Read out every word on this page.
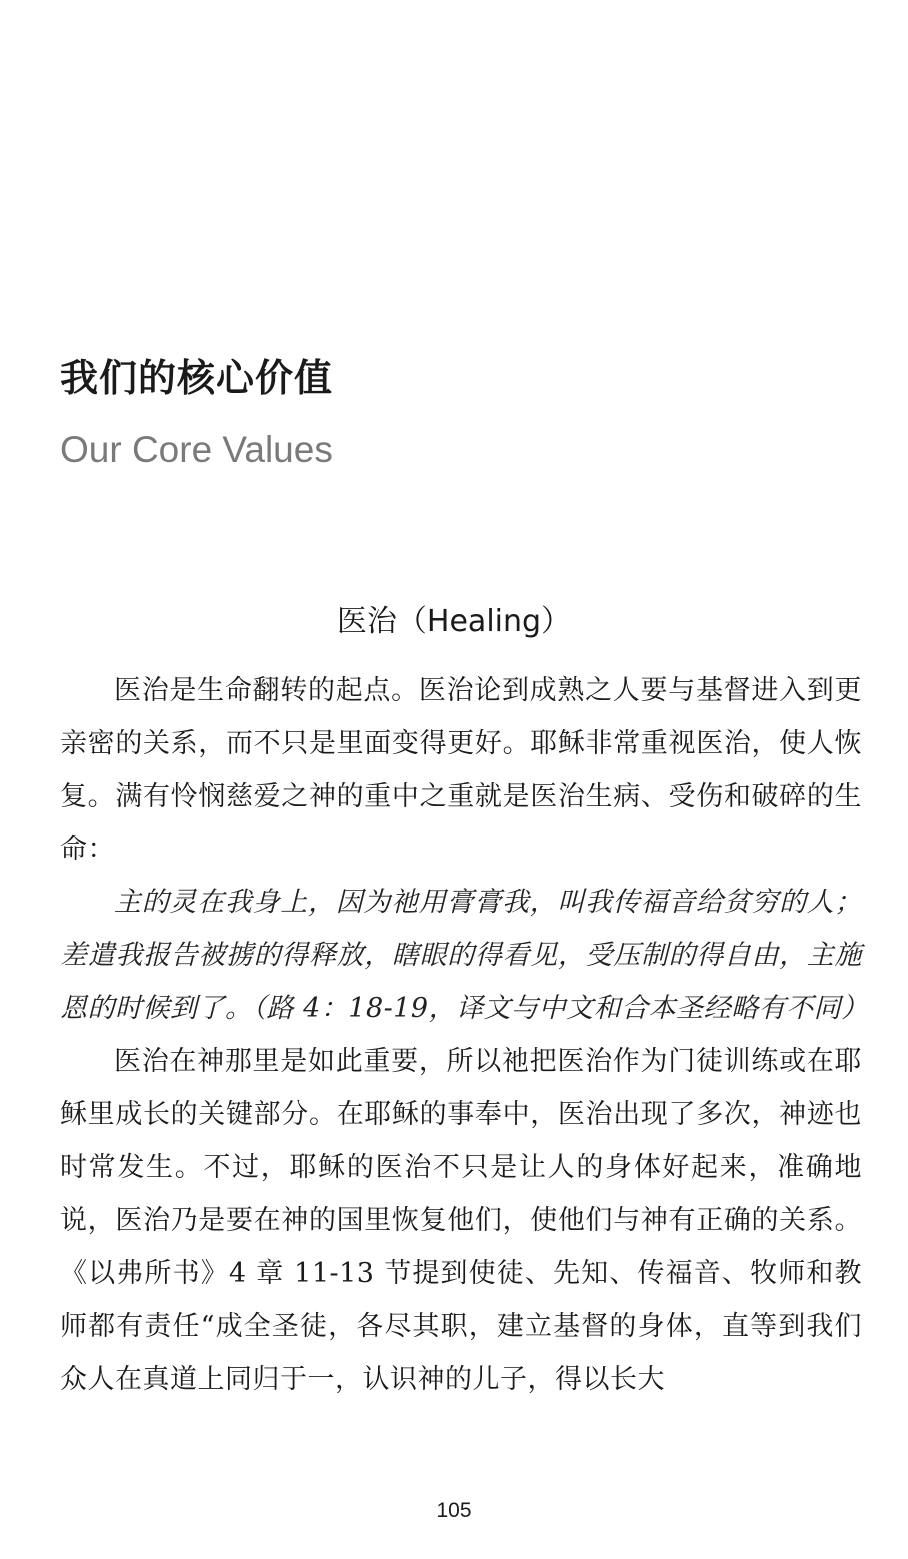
我们的核心价值
Our Core Values
医治（Healing）

医治是生命翻转的起点。医治论到成熟之人要与基督进入到更亲密的关系，而不只是里面变得更好。耶稣非常重视医治，使人恢复。满有怜悯慈爱之神的重中之重就是医治生病、受伤和破碎的生命：

主的灵在我身上，因为祂用膏膏我，叫我传福音给贫穷的人；差遣我报告被掳的得释放，瞎眼的得看见，受压制的得自由，主施恩的时候到了。（路 4：18-19，译文与中文和合本圣经略有不同）

医治在神那里是如此重要，所以祂把医治作为门徒训练或在耶稣里成长的关键部分。在耶稣的事奉中，医治出现了多次，神迹也时常发生。不过，耶稣的医治不只是让人的身体好起来，准确地说，医治乃是要在神的国里恢复他们，使他们与神有正确的关系。《以弗所书》4 章 11-13 节提到使徒、先知、传福音、牧师和教师都有责任“成全圣徒，各尽其职，建立基督的身体，直等到我们众人在真道上同归于一，认识神的儿子，得以长大

105
